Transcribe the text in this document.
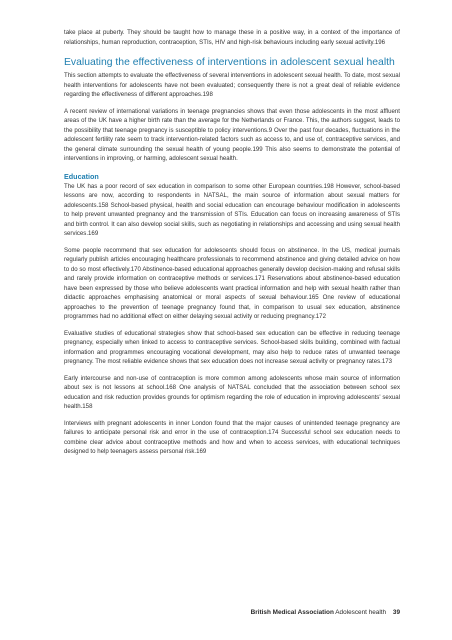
take place at puberty. They should be taught how to manage these in a positive way, in a context of the importance of relationships, human reproduction, contraception, STIs, HIV and high-risk behaviours including early sexual activity.196

Evaluating the effectiveness of interventions in adolescent sexual health

This section attempts to evaluate the effectiveness of several interventions in adolescent sexual health. To date, most sexual health interventions for adolescents have not been evaluated; consequently there is not a great deal of reliable evidence regarding the effectiveness of different approaches.198

A recent review of international variations in teenage pregnancies shows that even those adolescents in the most affluent areas of the UK have a higher birth rate than the average for the Netherlands or France. This, the authors suggest, leads to the possibility that teenage pregnancy is susceptible to policy interventions.9 Over the past four decades, fluctuations in the adolescent fertility rate seem to track intervention-related factors such as access to, and use of, contraceptive services, and the general climate surrounding the sexual health of young people.199 This also seems to demonstrate the potential of interventions in improving, or harming, adolescent sexual health.

Education

The UK has a poor record of sex education in comparison to some other European countries.198 However, school-based lessons are now, according to respondents in NATSAL, the main source of information about sexual matters for adolescents.158 School-based physical, health and social education can encourage behaviour modification in adolescents to help prevent unwanted pregnancy and the transmission of STIs. Education can focus on increasing awareness of STIs and birth control. It can also develop social skills, such as negotiating in relationships and accessing and using sexual health services.169

Some people recommend that sex education for adolescents should focus on abstinence. In the US, medical journals regularly publish articles encouraging healthcare professionals to recommend abstinence and giving detailed advice on how to do so most effectively.170 Abstinence-based educational approaches generally develop decision-making and refusal skills and rarely provide information on contraceptive methods or services.171 Reservations about abstinence-based education have been expressed by those who believe adolescents want practical information and help with sexual health rather than didactic approaches emphasising anatomical or moral aspects of sexual behaviour.165 One review of educational approaches to the prevention of teenage pregnancy found that, in comparison to usual sex education, abstinence programmes had no additional effect on either delaying sexual activity or reducing pregnancy.172

Evaluative studies of educational strategies show that school-based sex education can be effective in reducing teenage pregnancy, especially when linked to access to contraceptive services. School-based skills building, combined with factual information and programmes encouraging vocational development, may also help to reduce rates of unwanted teenage pregnancy. The most reliable evidence shows that sex education does not increase sexual activity or pregnancy rates.173

Early intercourse and non-use of contraception is more common among adolescents whose main source of information about sex is not lessons at school.168 One analysis of NATSAL concluded that the association between school sex education and risk reduction provides grounds for optimism regarding the role of education in improving adolescents' sexual health.158

Interviews with pregnant adolescents in inner London found that the major causes of unintended teenage pregnancy are failures to anticipate personal risk and error in the use of contraception.174 Successful school sex education needs to combine clear advice about contraceptive methods and how and when to access services, with educational techniques designed to help teenagers assess personal risk.169

British Medical Association Adolescent health 39
